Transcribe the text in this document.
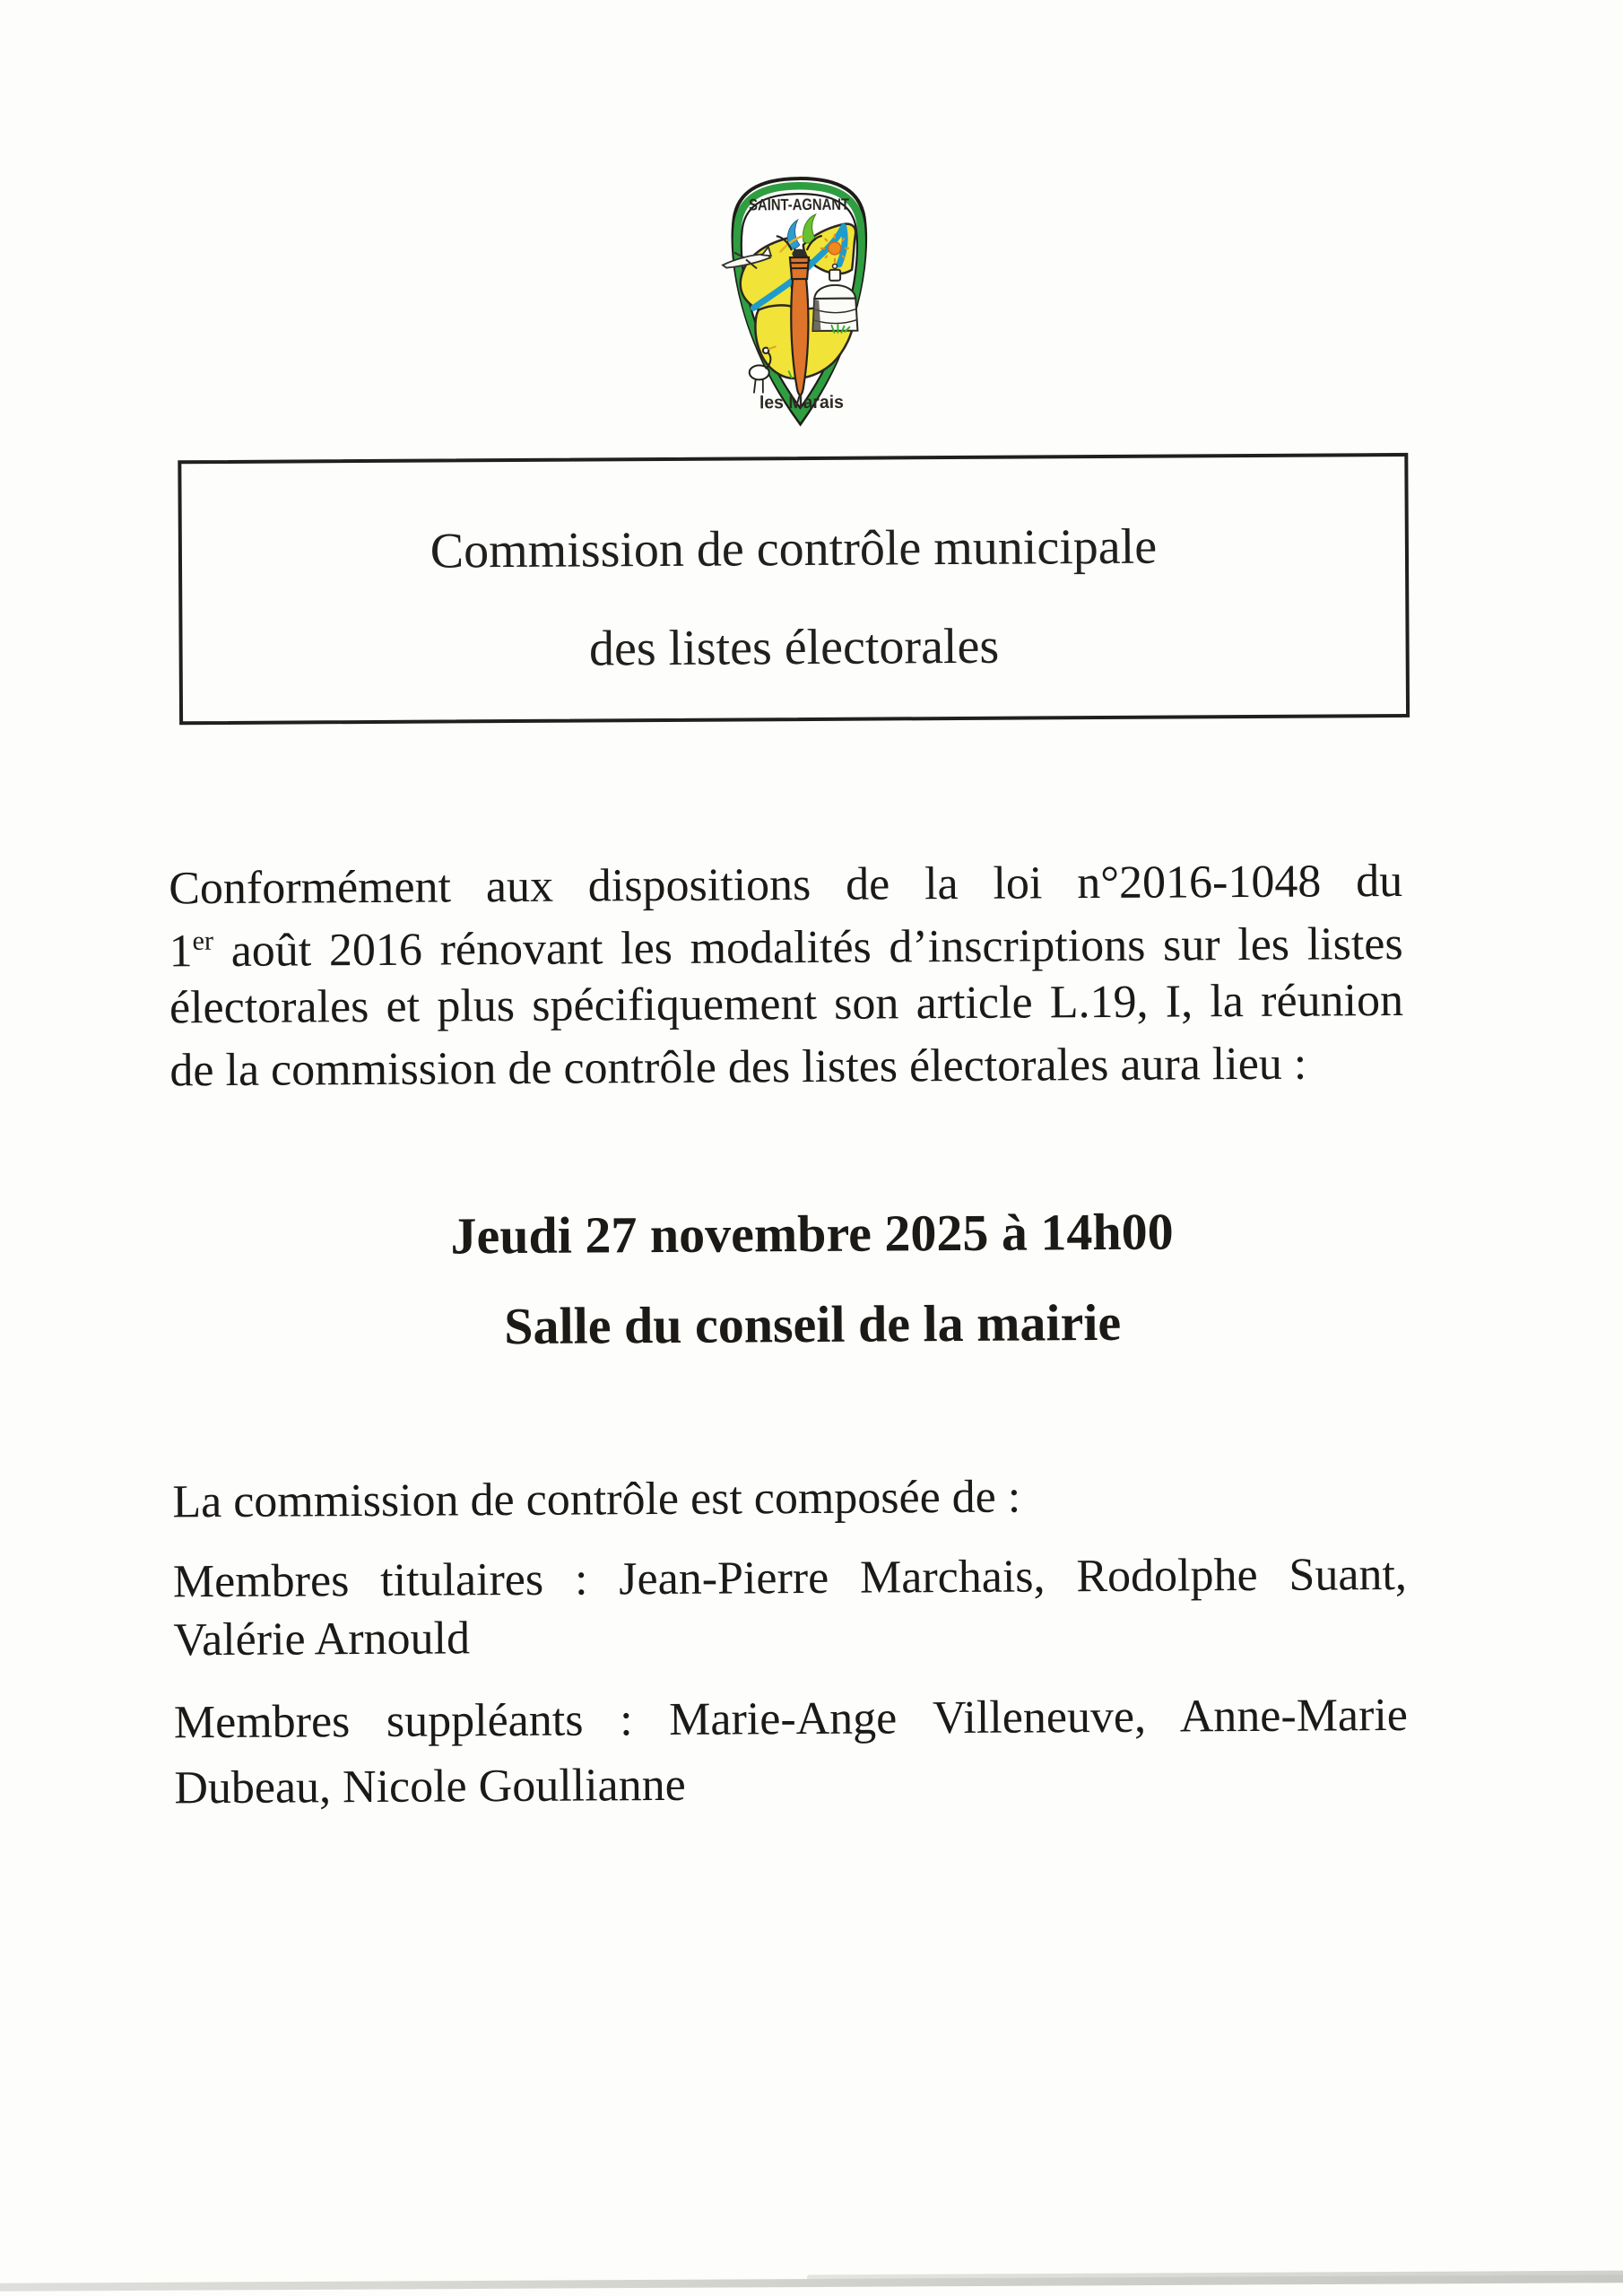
SAINT-AGNANT
les Marais
Commission de contrôle municipale
des listes électorales
Conformément aux dispositions de la loi n°2016-1048 du
1er août 2016 rénovant les modalités d’inscriptions sur les listes
électorales et plus spécifiquement son article L.19, I, la réunion
de la commission de contrôle des listes électorales aura lieu :
Jeudi 27 novembre 2025 à 14h00
Salle du conseil de la mairie
La commission de contrôle est composée de :
Membres titulaires : Jean-Pierre Marchais, Rodolphe Suant,
Valérie Arnould
Membres suppléants : Marie-Ange Villeneuve, Anne-Marie
Dubeau, Nicole Goullianne
